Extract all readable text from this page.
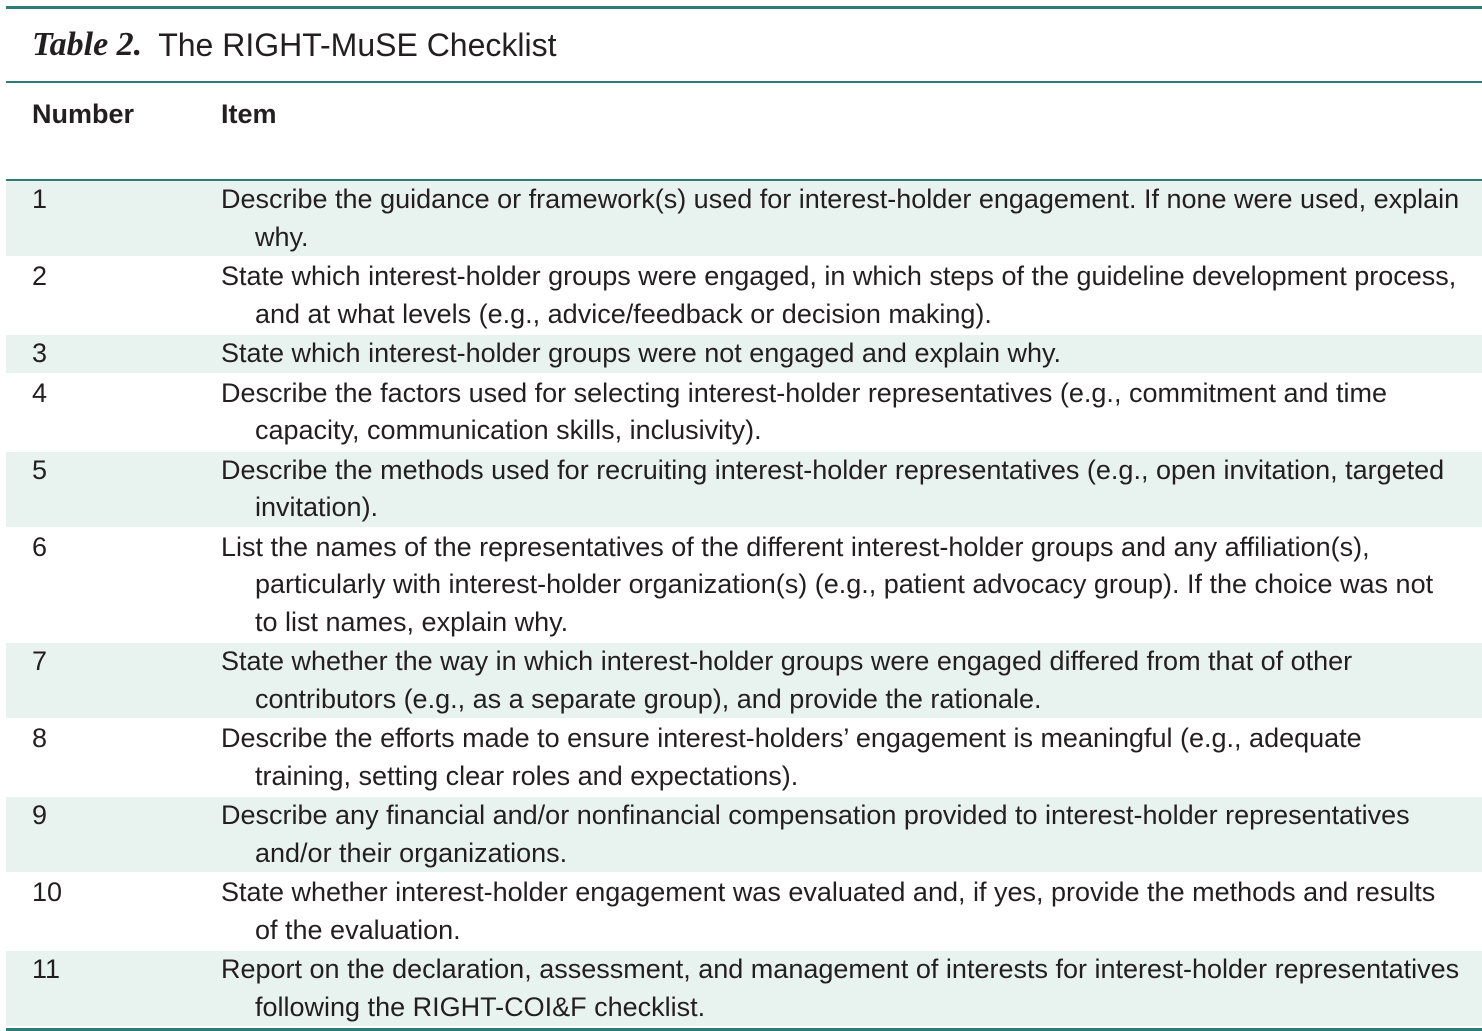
Table 2. The RIGHT-MuSE Checklist
Number	Item
1	Describe the guidance or framework(s) used for interest-holder engagement. If none were used, explain why.
2	State which interest-holder groups were engaged, in which steps of the guideline development process, and at what levels (e.g., advice/feedback or decision making).
3	State which interest-holder groups were not engaged and explain why.
4	Describe the factors used for selecting interest-holder representatives (e.g., commitment and time capacity, communication skills, inclusivity).
5	Describe the methods used for recruiting interest-holder representatives (e.g., open invitation, targeted invitation).
6	List the names of the representatives of the different interest-holder groups and any affiliation(s), particularly with interest-holder organization(s) (e.g., patient advocacy group). If the choice was not to list names, explain why.
7	State whether the way in which interest-holder groups were engaged differed from that of other contributors (e.g., as a separate group), and provide the rationale.
8	Describe the efforts made to ensure interest-holders’ engagement is meaningful (e.g., adequate training, setting clear roles and expectations).
9	Describe any financial and/or nonfinancial compensation provided to interest-holder representatives and/or their organizations.
10	State whether interest-holder engagement was evaluated and, if yes, provide the methods and results of the evaluation.
11	Report on the declaration, assessment, and management of interests for interest-holder representatives following the RIGHT-COI&F checklist.
